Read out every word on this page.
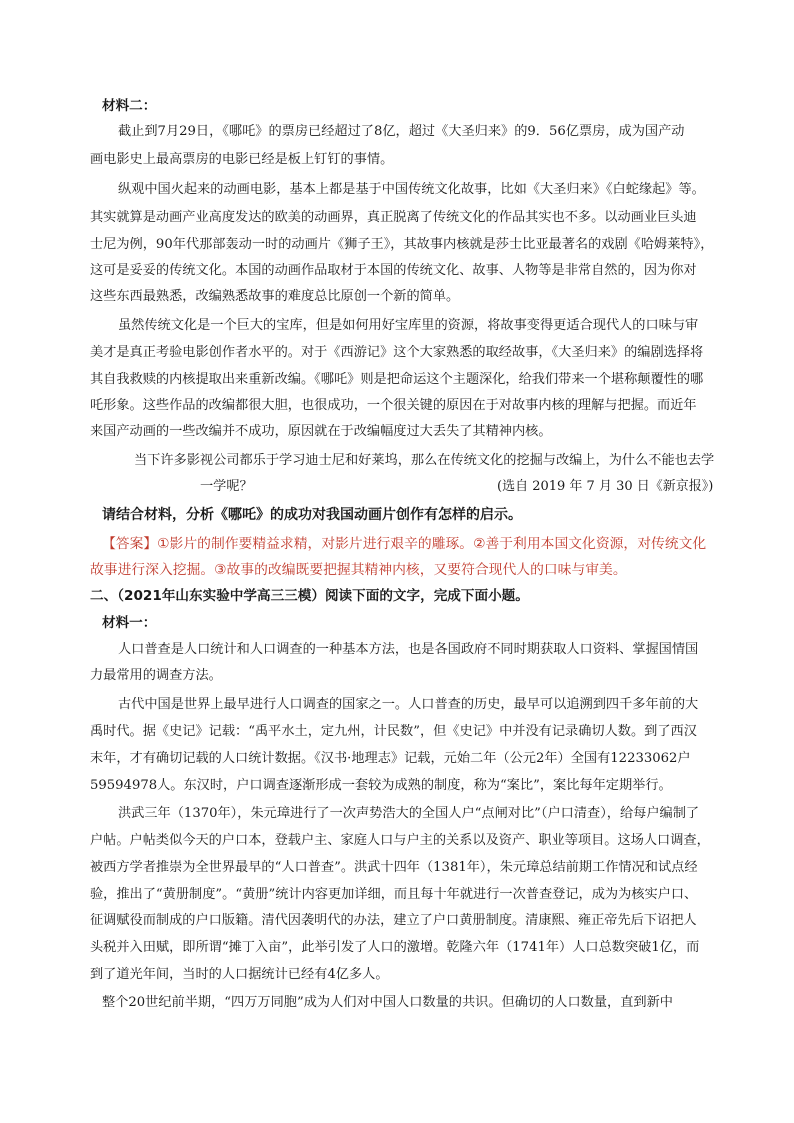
材料二：
截止到7月29日，《哪吒》的票房已经超过了8亿，超过《大圣归来》的9．56亿票房，成为国产动
画电影史上最高票房的电影已经是板上钉钉的事情。
纵观中国火起来的动画电影，基本上都是基于中国传统文化故事，比如《大圣归来》《白蛇缘起》等。
其实就算是动画产业高度发达的欧美的动画界，真正脱离了传统文化的作品其实也不多。以动画业巨头迪
士尼为例，90年代那部轰动一时的动画片《狮子王》，其故事内核就是莎士比亚最著名的戏剧《哈姆莱特》，
这可是妥妥的传统文化。本国的动画作品取材于本国的传统文化、故事、人物等是非常自然的，因为你对
这些东西最熟悉，改编熟悉故事的难度总比原创一个新的简单。
虽然传统文化是一个巨大的宝库，但是如何用好宝库里的资源，将故事变得更适合现代人的口味与审
美才是真正考验电影创作者水平的。对于《西游记》这个大家熟悉的取经故事，《大圣归来》的编剧选择将
其自我救赎的内核提取出来重新改编。《哪吒》则是把命运这个主题深化，给我们带来一个堪称颠覆性的哪
吒形象。这些作品的改编都很大胆，也很成功，一个很关键的原因在于对故事内核的理解与把握。而近年
来国产动画的一些改编并不成功，原因就在于改编幅度过大丢失了其精神内核。
当下许多影视公司都乐于学习迪士尼和好莱坞，那么在传统文化的挖掘与改编上，为什么不能也去学
一学呢？	(选自 2019 年 7 月 30 日《新京报》)
请结合材料，分析《哪吒》的成功对我国动画片创作有怎样的启示。
【答案】①影片的制作要精益求精，对影片进行艰辛的雕琢。②善于利用本国文化资源，对传统文化
故事进行深入挖掘。③故事的改编既要把握其精神内核，又要符合现代人的口味与审美。
二、（2021年山东实验中学高三三模）阅读下面的文字，完成下面小题。
材料一：
人口普查是人口统计和人口调查的一种基本方法，也是各国政府不同时期获取人口资料、掌握国情国
力最常用的调查方法。
古代中国是世界上最早进行人口调查的国家之一。人口普查的历史，最早可以追溯到四千多年前的大
禹时代。据《史记》记载：“禹平水土，定九州，计民数”，但《史记》中并没有记录确切人数。到了西汉
末年，才有确切记载的人口统计数据。《汉书·地理志》记载，元始二年（公元2年）全国有12233062户
59594978人。东汉时，户口调查逐渐形成一套较为成熟的制度，称为“案比”，案比每年定期举行。
洪武三年（1370年），朱元璋进行了一次声势浩大的全国人户“点闸对比”（户口清查），给每户编制了
户帖。户帖类似今天的户口本，登载户主、家庭人口与户主的关系以及资产、职业等项目。这场人口调查，
被西方学者推崇为全世界最早的“人口普查”。洪武十四年（1381年），朱元璋总结前期工作情况和试点经
验，推出了“黄册制度”。“黄册”统计内容更加详细，而且每十年就进行一次普查登记，成为为核实户口、
征调赋役而制成的户口版籍。清代因袭明代的办法，建立了户口黄册制度。清康熙、雍正帝先后下诏把人
头税并入田赋，即所谓“摊丁入亩”，此举引发了人口的激增。乾隆六年（1741年）人口总数突破1亿，而
到了道光年间，当时的人口据统计已经有4亿多人。
整个20世纪前半期，“四万万同胞”成为人们对中国人口数量的共识。但确切的人口数量，直到新中
